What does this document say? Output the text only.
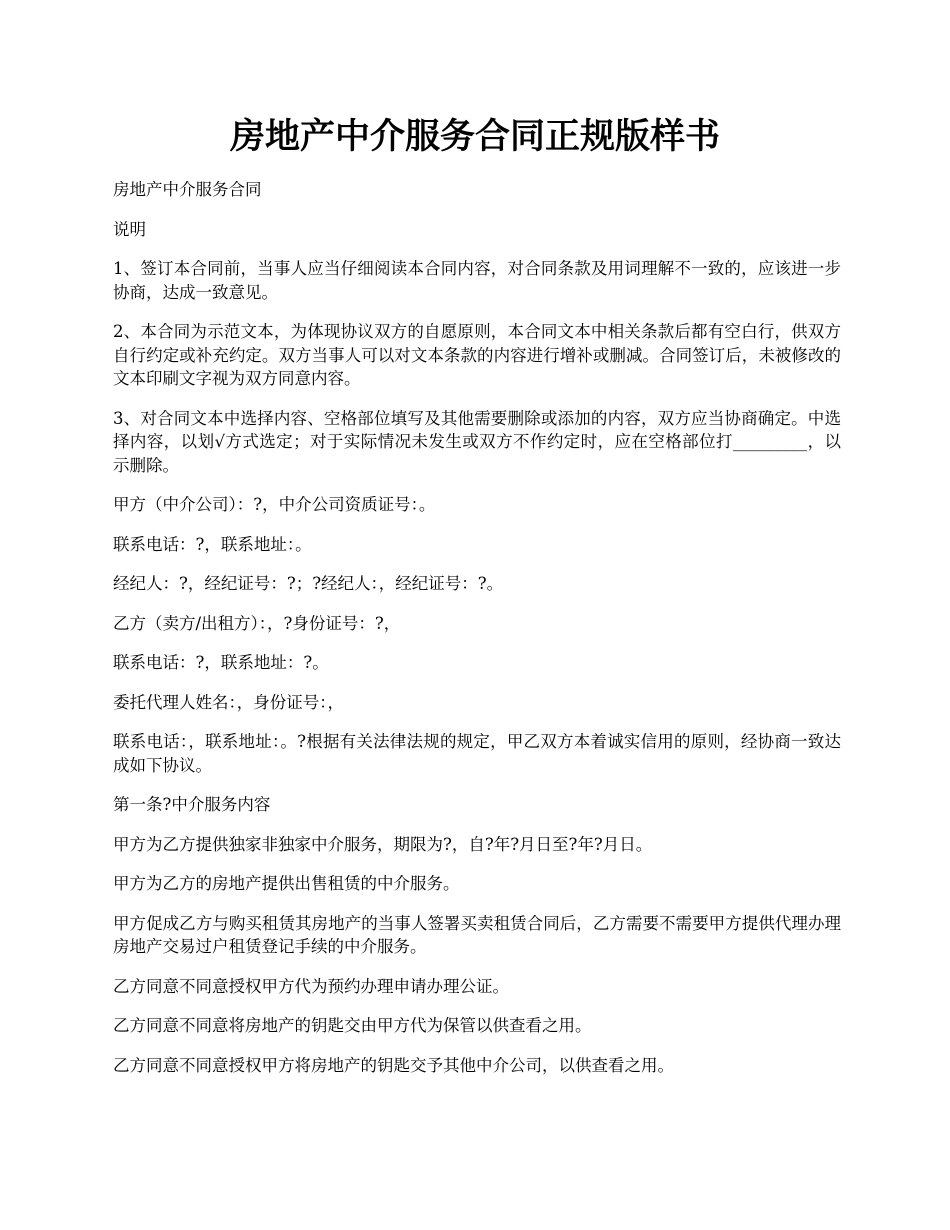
房地产中介服务合同正规版样书

房地产中介服务合同

说明

1、签订本合同前，当事人应当仔细阅读本合同内容，对合同条款及用词理解不一致的，应该进一步协商，达成一致意见。

2、本合同为示范文本，为体现协议双方的自愿原则，本合同文本中相关条款后都有空白行，供双方自行约定或补充约定。双方当事人可以对文本条款的内容进行增补或删减。合同签订后，未被修改的文本印刷文字视为双方同意内容。

3、对合同文本中选择内容、空格部位填写及其他需要删除或添加的内容，双方应当协商确定。中选择内容，以划√方式选定；对于实际情况未发生或双方不作约定时，应在空格部位打_________，以示删除。

甲方（中介公司）：?，中介公司资质证号：。

联系电话：?，联系地址：。

经纪人：?，经纪证号：?；?经纪人：，经纪证号：?。

乙方（卖方/出租方）：，?身份证号：?，

联系电话：?，联系地址：?。

委托代理人姓名：，身份证号：，

联系电话：，联系地址：。?根据有关法律法规的规定，甲乙双方本着诚实信用的原则，经协商一致达成如下协议。

第一条?中介服务内容

甲方为乙方提供独家非独家中介服务，期限为?，自?年?月日至?年?月日。

甲方为乙方的房地产提供出售租赁的中介服务。

甲方促成乙方与购买租赁其房地产的当事人签署买卖租赁合同后，乙方需要不需要甲方提供代理办理房地产交易过户租赁登记手续的中介服务。

乙方同意不同意授权甲方代为预约办理申请办理公证。

乙方同意不同意将房地产的钥匙交由甲方代为保管以供查看之用。

乙方同意不同意授权甲方将房地产的钥匙交予其他中介公司，以供查看之用。
